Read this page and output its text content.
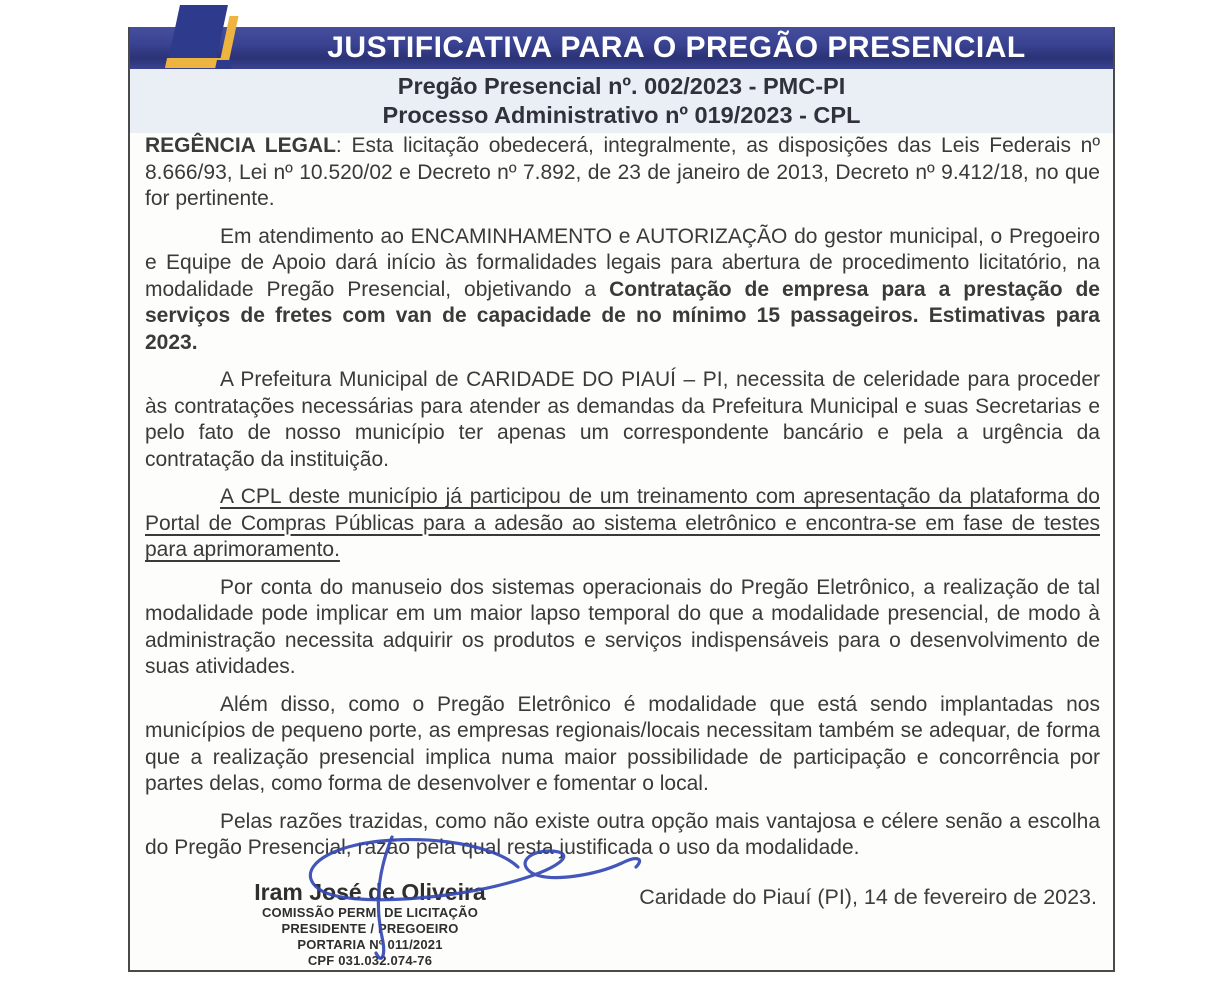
JUSTIFICATIVA PARA O PREGÃO PRESENCIAL
Pregão Presencial nº. 002/2023 - PMC-PI
Processo Administrativo nº 019/2023 - CPL

REGÊNCIA LEGAL: Esta licitação obedecerá, integralmente, as disposições das Leis Federais nº 8.666/93, Lei nº 10.520/02 e Decreto nº 7.892, de 23 de janeiro de 2013, Decreto nº 9.412/18, no que for pertinente.

Em atendimento ao ENCAMINHAMENTO e AUTORIZAÇÃO do gestor municipal, o Pregoeiro e Equipe de Apoio dará início às formalidades legais para abertura de procedimento licitatório, na modalidade Pregão Presencial, objetivando a Contratação de empresa para a prestação de serviços de fretes com van de capacidade de no mínimo 15 passageiros. Estimativas para 2023.

A Prefeitura Municipal de CARIDADE DO PIAUÍ – PI, necessita de celeridade para proceder às contratações necessárias para atender as demandas da Prefeitura Municipal e suas Secretarias e pelo fato de nosso município ter apenas um correspondente bancário e pela a urgência da contratação da instituição.

A CPL deste município já participou de um treinamento com apresentação da plataforma do Portal de Compras Públicas para a adesão ao sistema eletrônico e encontra-se em fase de testes para aprimoramento.

Por conta do manuseio dos sistemas operacionais do Pregão Eletrônico, a realização de tal modalidade pode implicar em um maior lapso temporal do que a modalidade presencial, de modo à administração necessita adquirir os produtos e serviços indispensáveis para o desenvolvimento de suas atividades.

Além disso, como o Pregão Eletrônico é modalidade que está sendo implantadas nos municípios de pequeno porte, as empresas regionais/locais necessitam também se adequar, de forma que a realização presencial implica numa maior possibilidade de participação e concorrência por partes delas, como forma de desenvolver e fomentar o local.

Pelas razões trazidas, como não existe outra opção mais vantajosa e célere senão a escolha do Pregão Presencial, razão pela qual resta justificada o uso da modalidade.

Iram José de Oliveira
COMISSÃO PERM. DE LICITAÇÃO
PRESIDENTE / PREGOEIRO
PORTARIA Nº 011/2021
CPF 031.032.074-76
Caridade do Piauí (PI), 14 de fevereiro de 2023.
